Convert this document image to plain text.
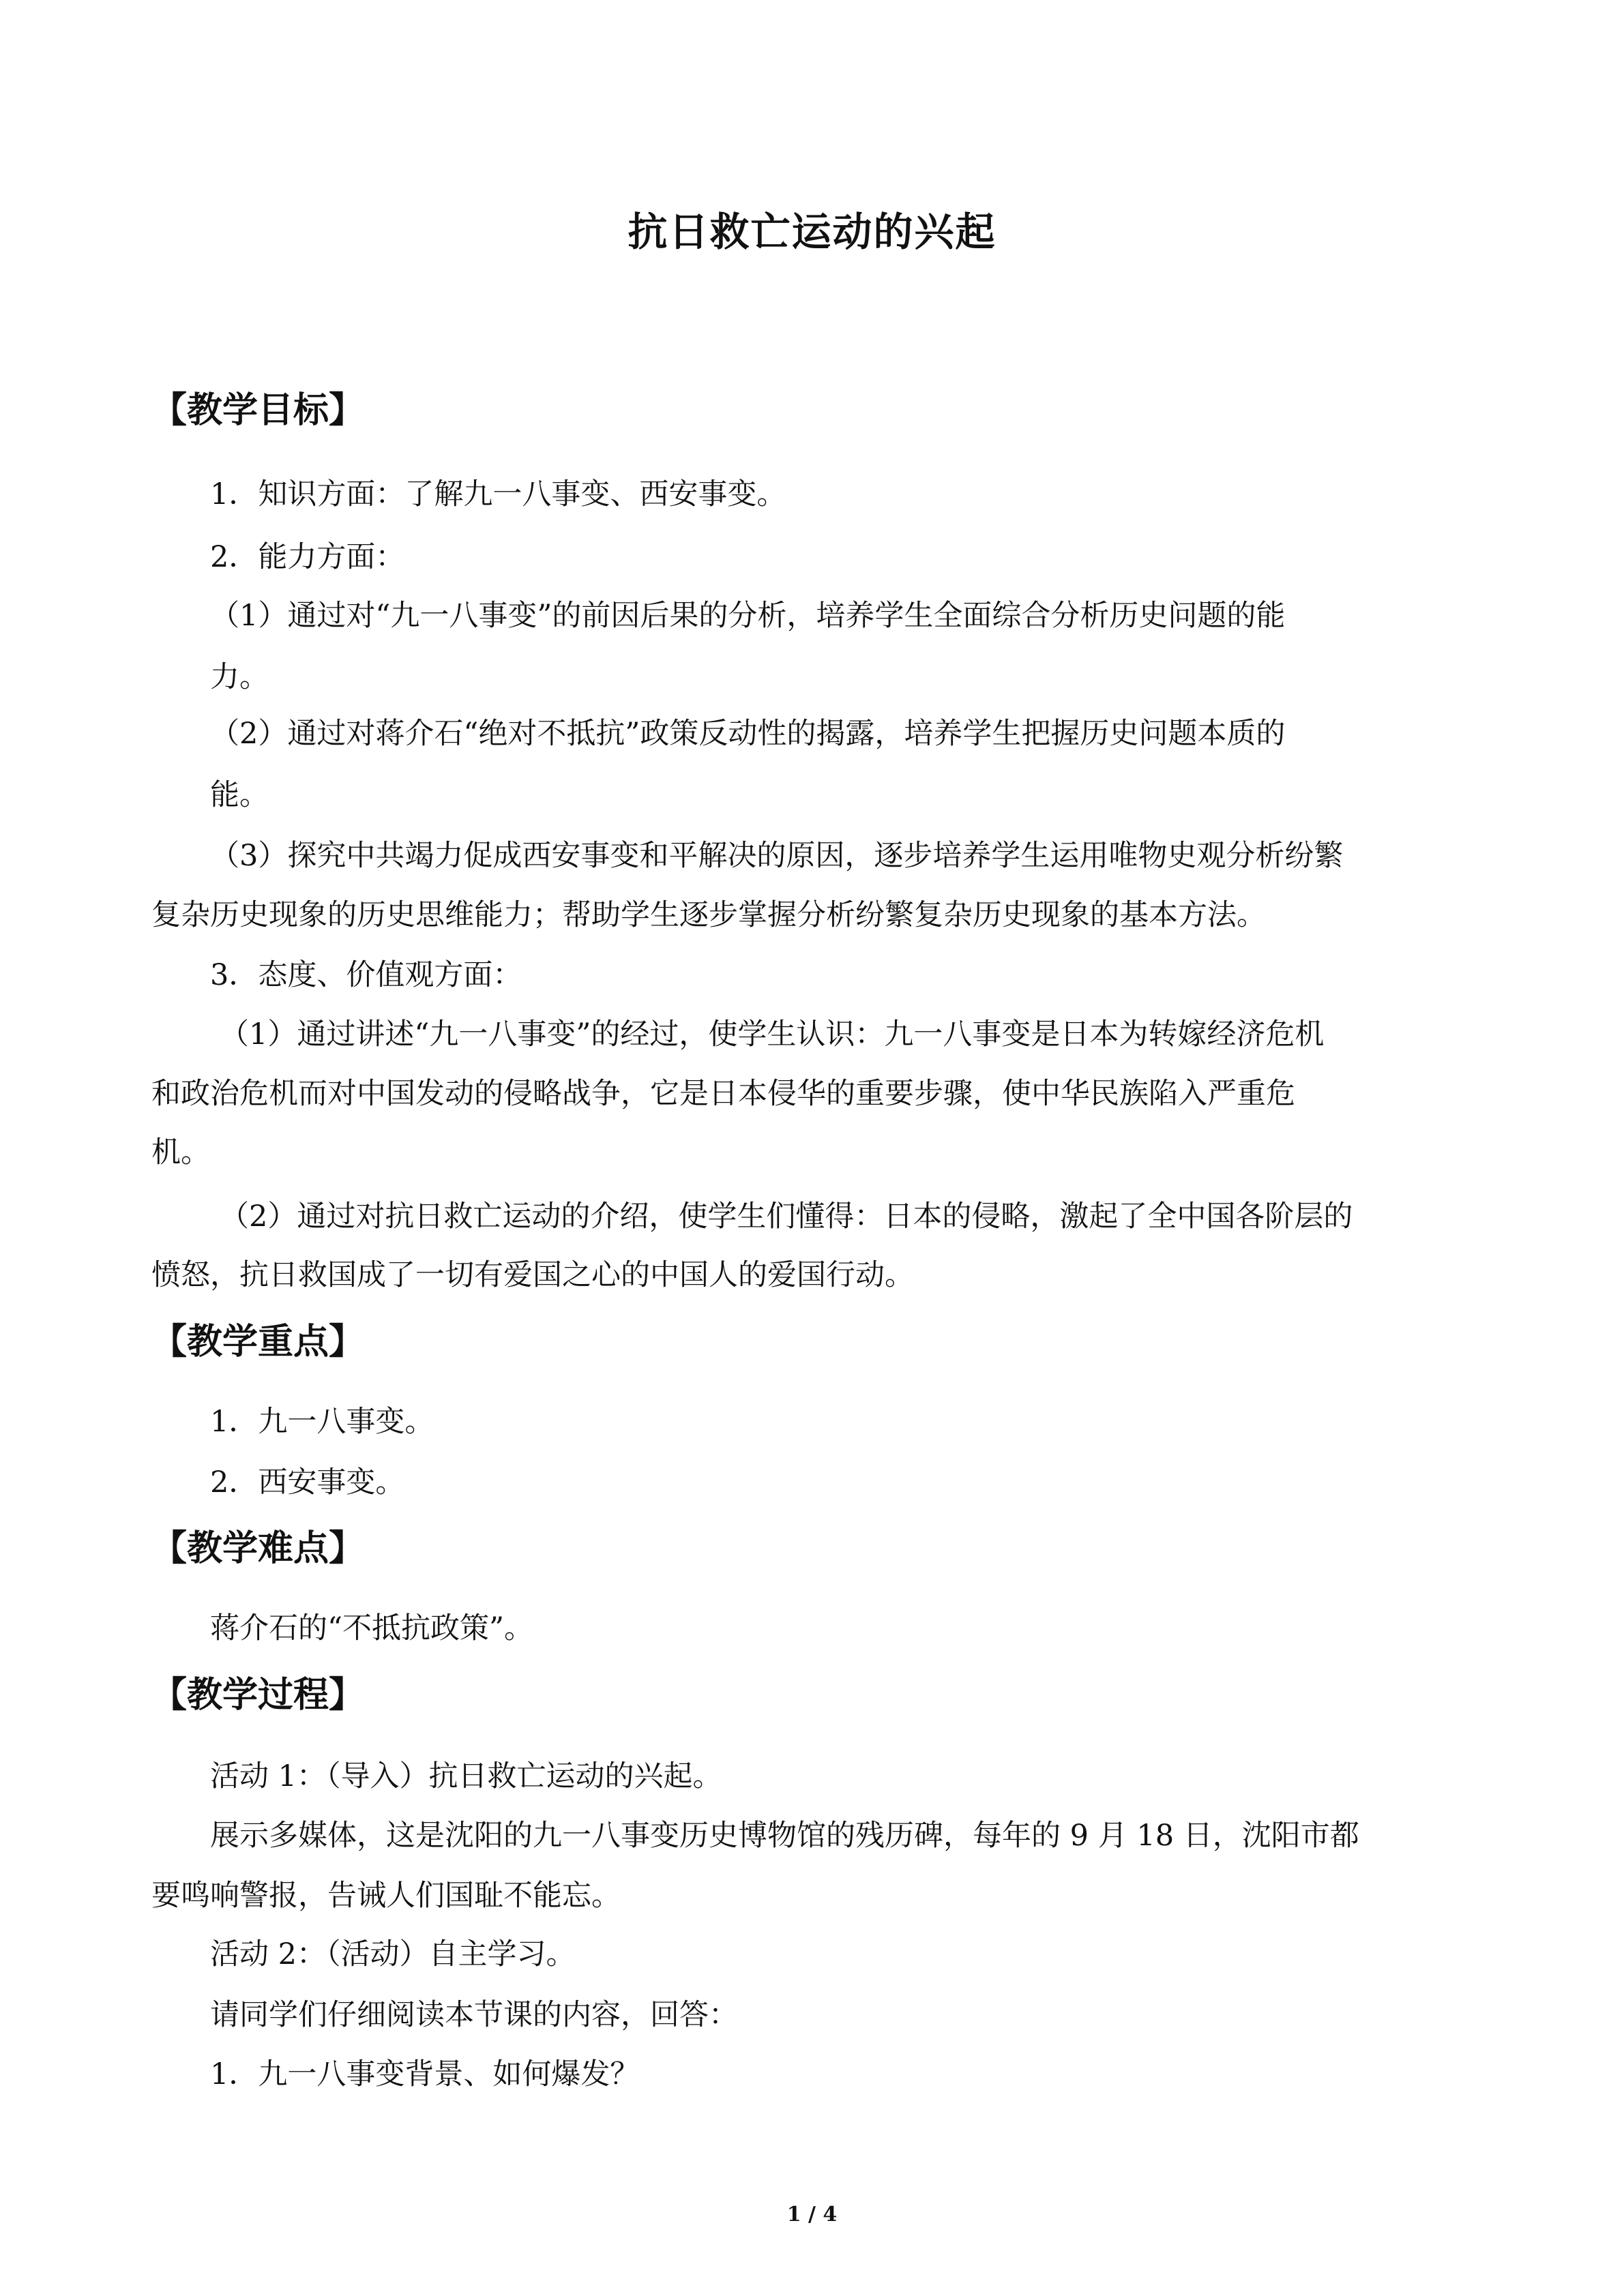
抗日救亡运动的兴起
【教学目标】
1．知识方面：了解九一八事变、西安事变。
2．能力方面：
（1）通过对“九一八事变”的前因后果的分析，培养学生全面综合分析历史问题的能
力。
（2）通过对蒋介石“绝对不抵抗”政策反动性的揭露，培养学生把握历史问题本质的
能。
（3）探究中共竭力促成西安事变和平解决的原因，逐步培养学生运用唯物史观分析纷繁
复杂历史现象的历史思维能力；帮助学生逐步掌握分析纷繁复杂历史现象的基本方法。
3．态度、价值观方面：
（1）通过讲述“九一八事变”的经过，使学生认识：九一八事变是日本为转嫁经济危机
和政治危机而对中国发动的侵略战争，它是日本侵华的重要步骤，使中华民族陷入严重危
机。
（2）通过对抗日救亡运动的介绍，使学生们懂得：日本的侵略，激起了全中国各阶层的
愤怒，抗日救国成了一切有爱国之心的中国人的爱国行动。
【教学重点】
1．九一八事变。
2．西安事变。
【教学难点】
蒋介石的“不抵抗政策”。
【教学过程】
活动 1：（导入）抗日救亡运动的兴起。
展示多媒体，这是沈阳的九一八事变历史博物馆的残历碑，每年的 9 月 18 日，沈阳市都
要鸣响警报，告诫人们国耻不能忘。
活动 2：（活动）自主学习。
请同学们仔细阅读本节课的内容，回答：
1．九一八事变背景、如何爆发？
1 / 4
